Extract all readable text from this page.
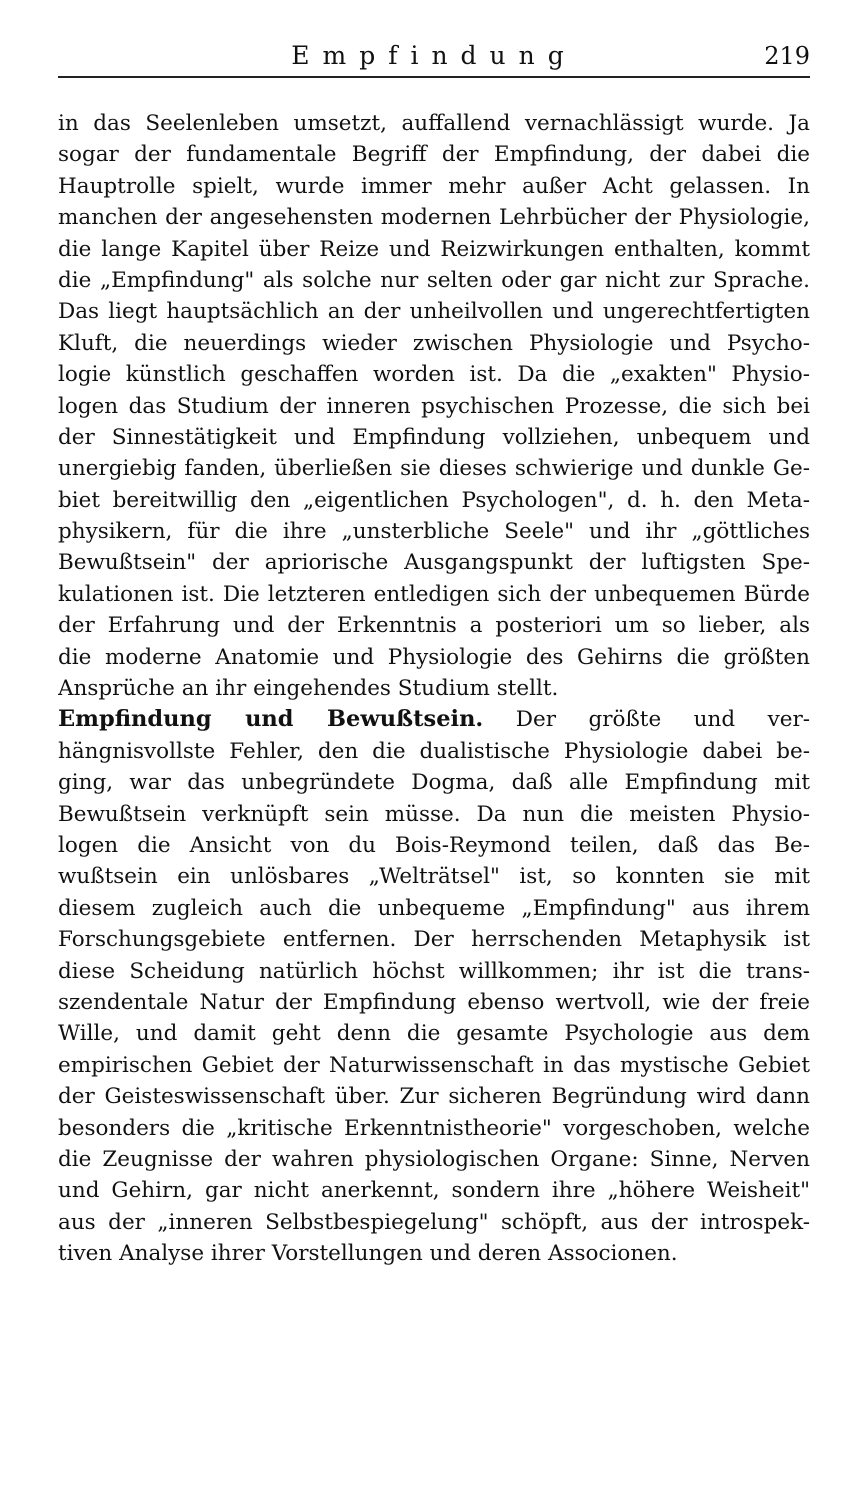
Empfindung	219
in das Seelenleben umsetzt, auffallend vernachlässigt wurde. Ja
sogar der fundamentale Begriff der Empfindung, der dabei die
Hauptrolle spielt, wurde immer mehr außer Acht gelassen. In
manchen der angesehensten modernen Lehrbücher der Physiologie,
die lange Kapitel über Reize und Reizwirkungen enthalten, kommt
die „Empfindung" als solche nur selten oder gar nicht zur Sprache.
Das liegt hauptsächlich an der unheilvollen und ungerechtfertigten
Kluft, die neuerdings wieder zwischen Physiologie und Psycho-
logie künstlich geschaffen worden ist. Da die „exakten" Physio-
logen das Studium der inneren psychischen Prozesse, die sich bei
der Sinnestätigkeit und Empfindung vollziehen, unbequem und
unergiebig fanden, überließen sie dieses schwierige und dunkle Ge-
biet bereitwillig den „eigentlichen Psychologen", d. h. den Meta-
physikern, für die ihre „unsterbliche Seele" und ihr „göttliches
Bewußtsein" der apriorische Ausgangspunkt der luftigsten Spe-
kulationen ist. Die letzteren entledigen sich der unbequemen Bürde
der Erfahrung und der Erkenntnis a posteriori um so lieber, als
die moderne Anatomie und Physiologie des Gehirns die größten
Ansprüche an ihr eingehendes Studium stellt.
Empfindung und Bewußtsein. Der größte und ver-
hängnisvollste Fehler, den die dualistische Physiologie dabei be-
ging, war das unbegründete Dogma, daß alle Empfindung mit
Bewußtsein verknüpft sein müsse. Da nun die meisten Physio-
logen die Ansicht von du Bois-Reymond teilen, daß das Be-
wußtsein ein unlösbares „Welträtsel" ist, so konnten sie mit
diesem zugleich auch die unbequeme „Empfindung" aus ihrem
Forschungsgebiete entfernen. Der herrschenden Metaphysik ist
diese Scheidung natürlich höchst willkommen; ihr ist die trans-
szendentale Natur der Empfindung ebenso wertvoll, wie der freie
Wille, und damit geht denn die gesamte Psychologie aus dem
empirischen Gebiet der Naturwissenschaft in das mystische Gebiet
der Geisteswissenschaft über. Zur sicheren Begründung wird dann
besonders die „kritische Erkenntnistheorie" vorgeschoben, welche
die Zeugnisse der wahren physiologischen Organe: Sinne, Nerven
und Gehirn, gar nicht anerkennt, sondern ihre „höhere Weisheit"
aus der „inneren Selbstbespiegelung" schöpft, aus der introspek-
tiven Analyse ihrer Vorstellungen und deren Associonen.
